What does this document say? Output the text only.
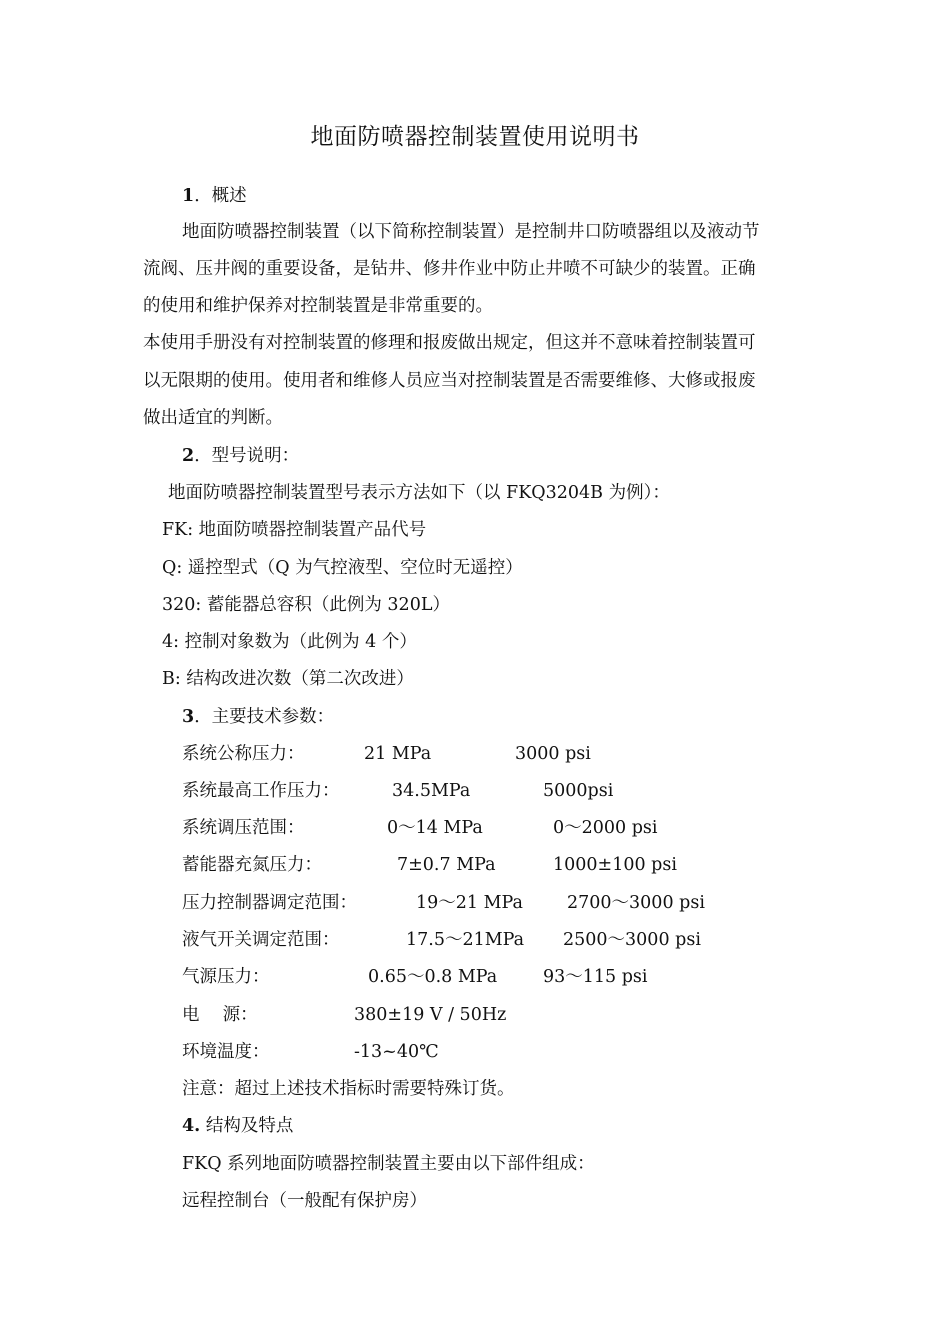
地面防喷器控制装置使用说明书
1．概述
地面防喷器控制装置（以下简称控制装置）是控制井口防喷器组以及液动节
流阀、压井阀的重要设备，是钻井、修井作业中防止井喷不可缺少的装置。正确
的使用和维护保养对控制装置是非常重要的。
本使用手册没有对控制装置的修理和报废做出规定，但这并不意味着控制装置可
以无限期的使用。使用者和维修人员应当对控制装置是否需要维修、大修或报废
做出适宜的判断。
2．型号说明：
地面防喷器控制装置型号表示方法如下（以 FKQ3204B 为例）：
FK: 地面防喷器控制装置产品代号
Q: 遥控型式（Q 为气控液型、空位时无遥控）
320: 蓄能器总容积（此例为 320L）
4: 控制对象数为（此例为 4 个）
B: 结构改进次数（第二次改进）
3．主要技术参数：
系统公称压力：	21 MPa	3000 psi
系统最高工作压力：	34.5MPa	5000psi
系统调压范围：	0～14 MPa	0～2000 psi
蓄能器充氮压力：	7±0.7 MPa	1000±100 psi
压力控制器调定范围：	19～21 MPa	2700～3000 psi
液气开关调定范围：	17.5～21MPa 2500～3000 psi
气源压力：	0.65～0.8 MPa	93～115 psi
电　 源：	380±19 V / 50Hz
环境温度：	-13~40℃
注意：超过上述技术指标时需要特殊订货。
4. 结构及特点
FKQ 系列地面防喷器控制装置主要由以下部件组成：
远程控制台（一般配有保护房）
